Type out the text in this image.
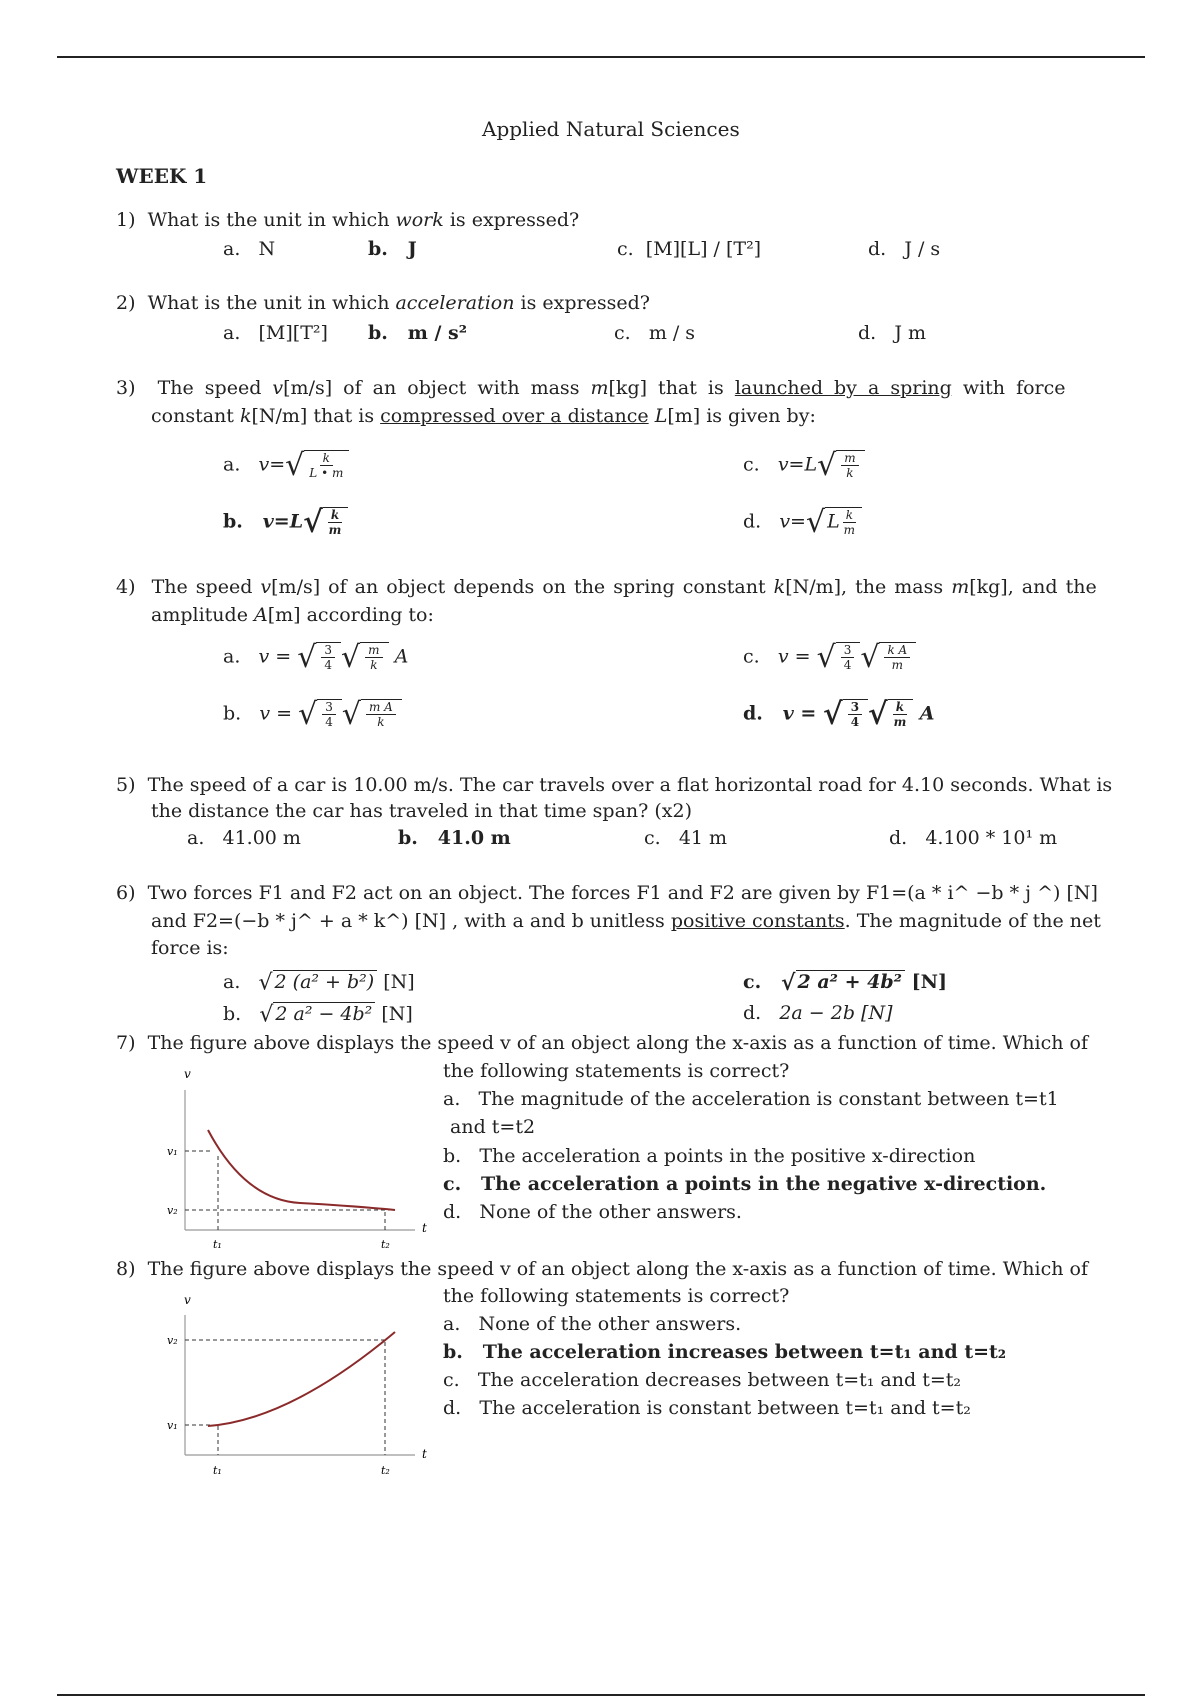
Applied Natural Sciences
WEEK 1
1) What is the unit in which work is expressed?
a. N	b. J	c. [M][L] / [T²]	d. J / s
2) What is the unit in which acceleration is expressed?
a. [M][T²] b. m / s²	c. m / s	d. J m
3) The speed v[m/s] of an object with mass m[kg] that is launched by a spring with force
constant k[N/m] that is compressed over a distance L[m] is given by:
a. $v=√ \frac{k}{L • m}$
b. $v=L√ \frac{k}{m}$
c. $v=L√ \frac{m}{k}$
d. v=√ L $\frac{k}{m}$
4) The speed v[m/s] of an object depends on the spring constant k[N/m], the mass m[kg], and the
amplitude A[m] according to:
a. v = √ $\frac{3}{4}$ √ $\frac{m}{k}$ A
b. v = √ $\frac{3}{4}$ √ $\frac{\text{m A}}{k}$
c. v = √ $\frac{3}{4}$ √ $\frac{\text{k A}}{m}$
d. v = √ $\frac{3}{4}$ √ $\frac{k}{m}$ A
5) The speed of a car is 10.00 m/s. The car travels over a flat horizontal road for 4.10 seconds. What is
the distance the car has traveled in that time span? (x2)
a. 41.00 m	b. 41.0 m	c. 41 m	d. 4.100 * 10¹ m
6) Two forces F1 and F2 act on an object. The forces F1 and F2 are given by F1=(a * i^ −b * j ^) [N]
and F2=(−b * j^ + a * k^) [N] , with a and b unitless positive constants. The magnitude of the net
force is:
a. √ 2 (a² + b²) [N]
b. √ 2 a² − 4b² [N]
c. √ 2 a² + 4b² [N]
d. 2a − 2b [N]
7) The figure above displays the speed v of an object along the x-axis as a function of time. Which of
the following statements is correct?
a. The magnitude of the acceleration is constant between t=t1
and t=t2
b. The acceleration a points in the positive x-direction
c. The acceleration a points in the negative x-direction.
d. None of the other answers.
v
t
v₁
v₂
t₁	t₂
8) The figure above displays the speed v of an object along the x-axis as a function of time. Which of
the following statements is correct?
a. None of the other answers.
b. The acceleration increases between t=t₁ and t=t₂
c. The acceleration decreases between t=t₁ and t=t₂
d. The acceleration is constant between t=t₁ and t=t₂
v
t
v₂
v₁
t₁	t₂
